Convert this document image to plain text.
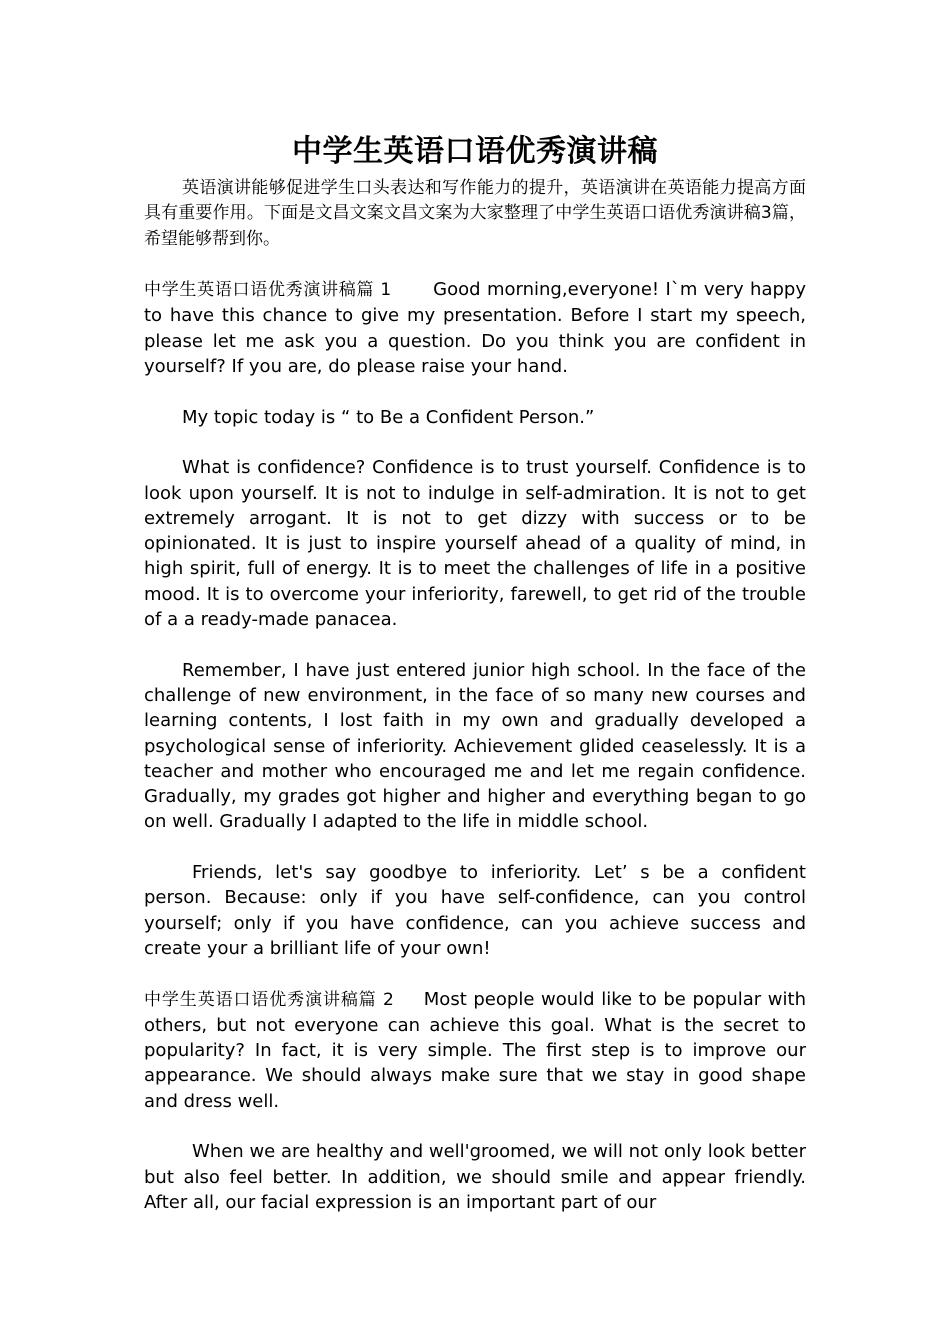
中学生英语口语优秀演讲稿

英语演讲能够促进学生口头表达和写作能力的提升，英语演讲在英语能力提高方面具有重要作用。下面是文昌文案文昌文案为大家整理了中学生英语口语优秀演讲稿3篇，希望能够帮到你。

中学生英语口语优秀演讲稿篇 1 Good morning,everyone! I`m very happy to have this chance to give my presentation. Before I start my speech, please let me ask you a question. Do you think you are confident in yourself? If you are, do please raise your hand.

My topic today is “ to Be a Confident Person.”

What is confidence? Confidence is to trust yourself. Confidence is to look upon yourself. It is not to indulge in self-admiration. It is not to get extremely arrogant. It is not to get dizzy with success or to be opinionated. It is just to inspire yourself ahead of a quality of mind, in high spirit, full of energy. It is to meet the challenges of life in a positive mood. It is to overcome your inferiority, farewell, to get rid of the trouble of a a ready-made panacea.

Remember, I have just entered junior high school. In the face of the challenge of new environment, in the face of so many new courses and learning contents, I lost faith in my own and gradually developed a psychological sense of inferiority. Achievement glided ceaselessly. It is a teacher and mother who encouraged me and let me regain confidence. Gradually, my grades got higher and higher and everything began to go on well. Gradually I adapted to the life in middle school.

Friends, let's say goodbye to inferiority. Let’ s be a confident person. Because: only if you have self-confidence, can you control yourself; only if you have confidence, can you achieve success and create your a brilliant life of your own!

中学生英语口语优秀演讲稿篇 2 Most people would like to be popular with others, but not everyone can achieve this goal. What is the secret to popularity? In fact, it is very simple. The first step is to improve our appearance. We should always make sure that we stay in good shape and dress well.

When we are healthy and well'groomed, we will not only look better but also feel better. In addition, we should smile and appear friendly. After all, our facial expression is an important part of our
